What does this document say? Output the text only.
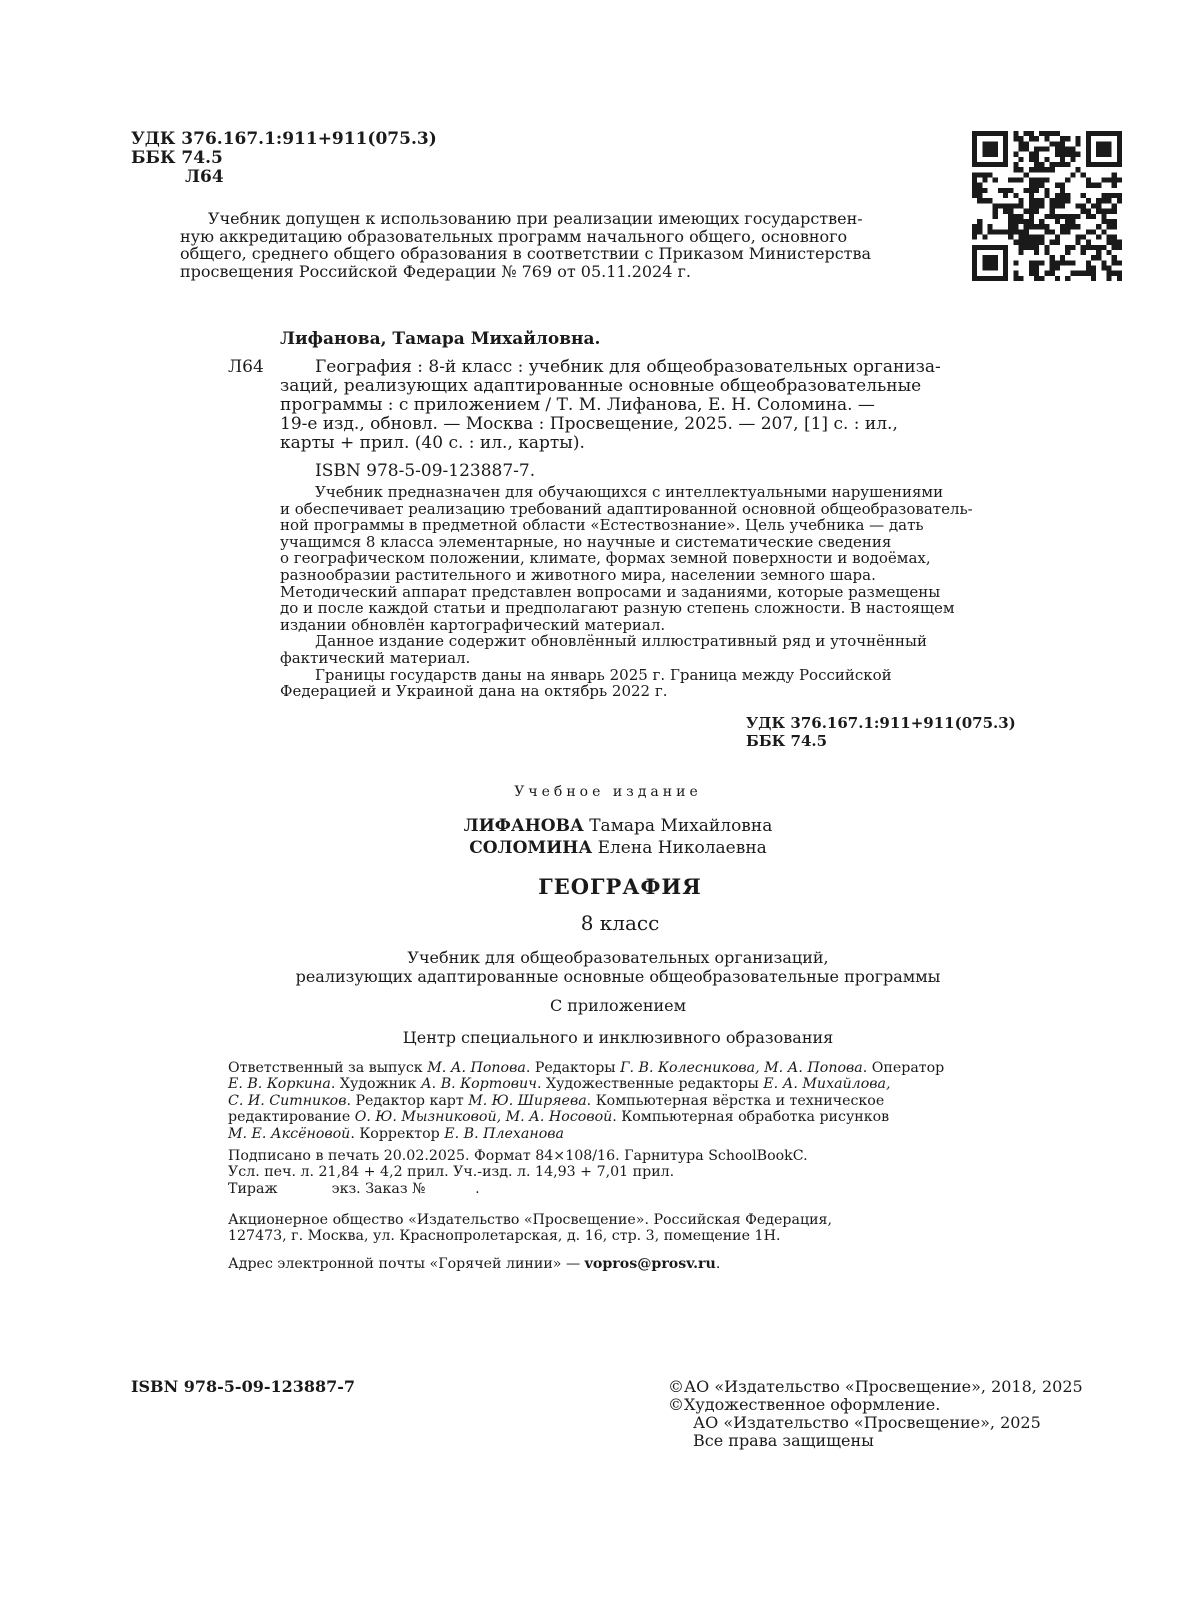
УДК 376.167.1:911+911(075.3)
ББК 74.5
Л64
Учебник допущен к использованию при реализации имеющих государствен-
ную аккредитацию образовательных программ начального общего, основного
общего, среднего общего образования в соответствии с Приказом Министерства
просвещения Российской Федерации № 769 от 05.11.2024 г.
Лифанова, Тамара Михайловна.
Л64	География : 8-й класс : учебник для общеобразовательных организа-
заций, реализующих адаптированные основные общеобразовательные
программы : с приложением / Т. М. Лифанова, Е. Н. Соломина. —
19-е изд., обновл. — Москва : Просвещение, 2025. — 207, [1] с. : ил.,
карты + прил. (40 с. : ил., карты).
ISBN 978-5-09-123887-7.
Учебник предназначен для обучающихся с интеллектуальными нарушениями
и обеспечивает реализацию требований адаптированной основной общеобразователь-
ной программы в предметной области «Естествознание». Цель учебника — дать
учащимся 8 класса элементарные, но научные и систематические сведения
о географическом положении, климате, формах земной поверхности и водоёмах,
разнообразии растительного и животного мира, населении земного шара.
Методический аппарат представлен вопросами и заданиями, которые размещены
до и после каждой статьи и предполагают разную степень сложности. В настоящем
издании обновлён картографический материал.
Данное издание содержит обновлённый иллюстративный ряд и уточнённый
фактический материал.
Границы государств даны на январь 2025 г. Граница между Российской
Федерацией и Украиной дана на октябрь 2022 г.
УДК 376.167.1:911+911(075.3)
ББК 74.5
Учебное издание
ЛИФАНОВА Тамара Михайловна
СОЛОМИНА Елена Николаевна
ГЕОГРАФИЯ
8 класс
Учебник для общеобразовательных организаций,
реализующих адаптированные основные общеобразовательные программы
С приложением
Центр специального и инклюзивного образования
Ответственный за выпуск М. А. Попова. Редакторы Г. В. Колесникова, М. А. Попова. Оператор
Е. В. Коркина. Художник А. В. Кортович. Художественные редакторы Е. А. Михайлова,
С. И. Ситников. Редактор карт М. Ю. Ширяева. Компьютерная вёрстка и техническое
редактирование О. Ю. Мызниковой, М. А. Носовой. Компьютерная обработка рисунков
М. Е. Аксёновой. Корректор Е. В. Плеханова
Подписано в печать 20.02.2025. Формат 84×108/16. Гарнитура SchoolBookC.
Усл. печ. л. 21,84 + 4,2 прил. Уч.-изд. л. 14,93 + 7,01 прил.
Тираж            экз. Заказ №           .
Акционерное общество «Издательство «Просвещение». Российская Федерация,
127473, г. Москва, ул. Краснопролетарская, д. 16, стр. 3, помещение 1Н.
Адрес электронной почты «Горячей линии» — vopros@prosv.ru.
ISBN 978-5-09-123887-7	©АО «Издательство «Просвещение», 2018, 2025
©Художественное оформление.
АО «Издательство «Просвещение», 2025
Все права защищены
